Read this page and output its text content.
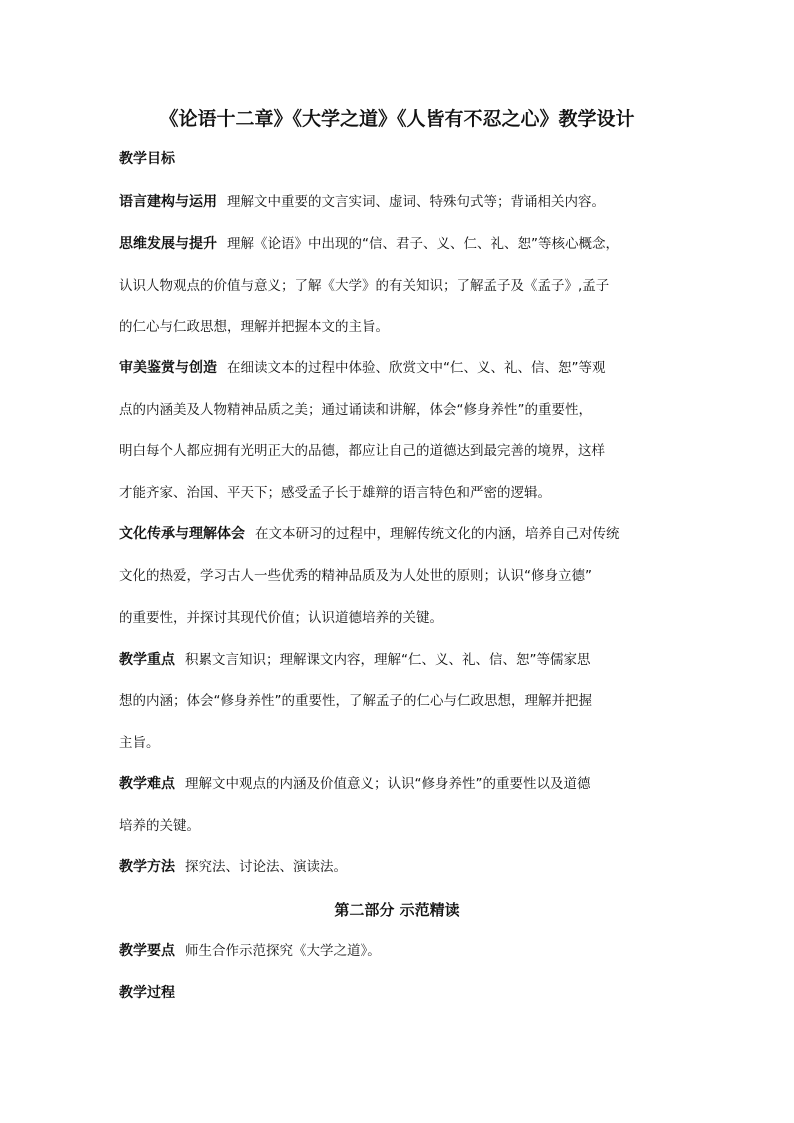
《论语十二章》《大学之道》《人皆有不忍之心》教学设计
教学目标
语言建构与运用 理解文中重要的文言实词、虚词、特殊句式等；背诵相关内容。
思维发展与提升 理解《论语》中出现的“信、君子、义、仁、礼、恕”等核心概念，
认识人物观点的价值与意义；了解《大学》的有关知识；了解孟子及《孟子》,孟子
的仁心与仁政思想，理解并把握本文的主旨。
审美鉴赏与创造 在细读文本的过程中体验、欣赏文中“仁、义、礼、信、恕”等观
点的内涵美及人物精神品质之美；通过诵读和讲解，体会“修身养性”的重要性，
明白每个人都应拥有光明正大的品德，都应让自己的道德达到最完善的境界，这样
才能齐家、治国、平天下；感受孟子长于雄辩的语言特色和严密的逻辑。
文化传承与理解体会 在文本研习的过程中，理解传统文化的内涵，培养自己对传统
文化的热爱，学习古人一些优秀的精神品质及为人处世的原则；认识“修身立德”
的重要性，并探讨其现代价值；认识道德培养的关键。
教学重点 积累文言知识；理解课文内容，理解“仁、义、礼、信、恕”等儒家思
想的内涵；体会“修身养性”的重要性，了解孟子的仁心与仁政思想，理解并把握
主旨。
教学难点 理解文中观点的内涵及价值意义；认识“修身养性”的重要性以及道德
培养的关键。
教学方法 探究法、讨论法、演读法。
第二部分 示范精读
教学要点 师生合作示范探究《大学之道》。
教学过程
